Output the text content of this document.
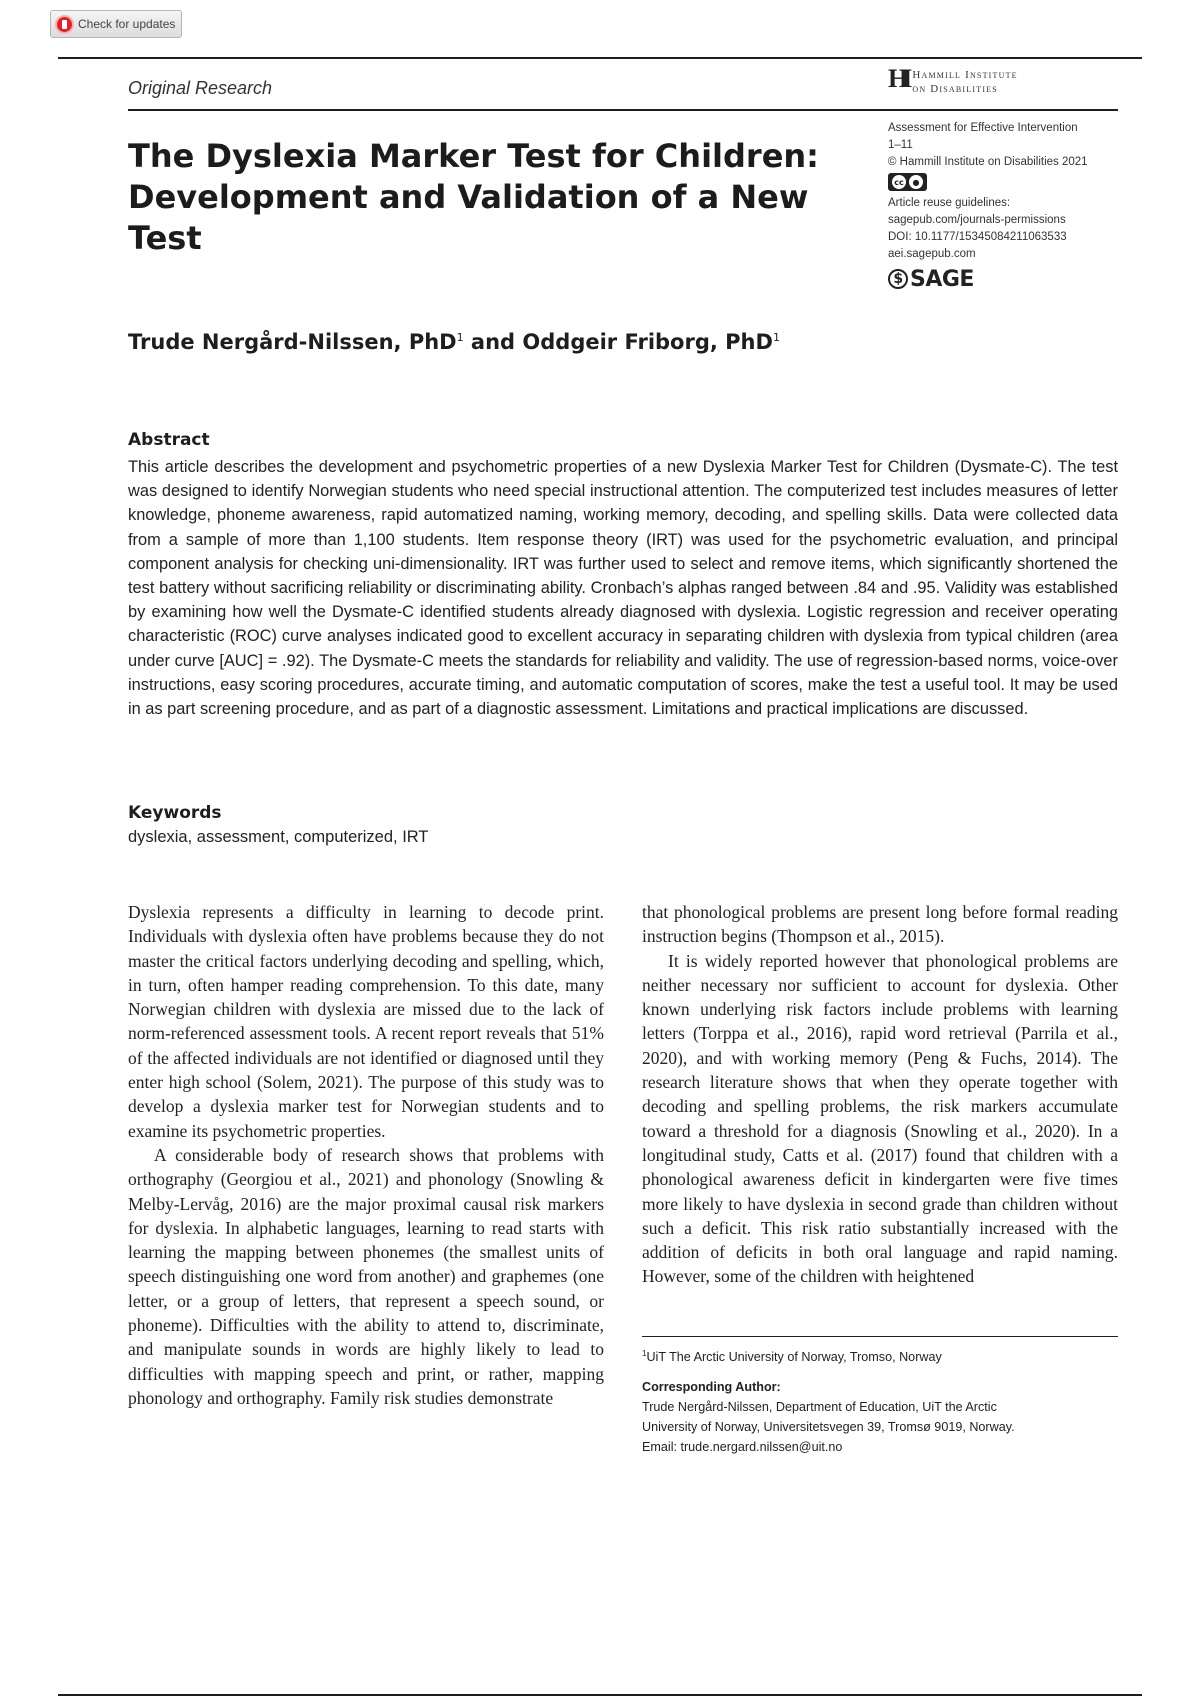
Check for updates
Original Research	HI Hammill Institute
on Disabilities
The Dyslexia Marker Test for Children: Development and Validation of a New Test
Assessment for Effective Intervention
1–11
© Hammill Institute on Disabilities 2021
cc	●
Article reuse guidelines:
sagepub.com/journals-permissions
DOI: 10.1177/15345084211063533
aei.sagepub.com
$ SAGE
Trude Nergård-Nilssen, PhD$^1$ and Oddgeir Friborg, PhD$^1$
Abstract

This article describes the development and psychometric properties of a new Dyslexia Marker Test for Children (Dysmate-C). The test was designed to identify Norwegian students who need special instructional attention. The computerized test includes measures of letter knowledge, phoneme awareness, rapid automatized naming, working memory, decoding, and spelling skills. Data were collected data from a sample of more than 1,100 students. Item response theory (IRT) was used for the psychometric evaluation, and principal component analysis for checking uni-dimensionality. IRT was further used to select and remove items, which significantly shortened the test battery without sacrificing reliability or discriminating ability. Cronbach’s alphas ranged between .84 and .95. Validity was established by examining how well the Dysmate-C identified students already diagnosed with dyslexia. Logistic regression and receiver operating characteristic (ROC) curve analyses indicated good to excellent accuracy in separating children with dyslexia from typical children (area under curve [AUC] = .92). The Dysmate-C meets the standards for reliability and validity. The use of regression-based norms, voice-over instructions, easy scoring procedures, accurate timing, and automatic computation of scores, make the test a useful tool. It may be used in as part screening procedure, and as part of a diagnostic assessment. Limitations and practical implications are discussed.

Keywords
dyslexia, assessment, computerized, IRT

Dyslexia represents a difficulty in learning to decode print. Individuals with dyslexia often have problems because they do not master the critical factors underlying decoding and spelling, which, in turn, often hamper reading comprehension. To this date, many Norwegian children with dyslexia are missed due to the lack of norm-referenced assessment tools. A recent report reveals that 51% of the affected individuals are not identified or diagnosed until they enter high school (Solem, 2021). The purpose of this study was to develop a dyslexia marker test for Norwegian students and to examine its psychometric properties.

A considerable body of research shows that problems with orthography (Georgiou et al., 2021) and phonology (Snowling & Melby-Lervåg, 2016) are the major proximal causal risk markers for dyslexia. In alphabetic languages, learning to read starts with learning the mapping between phonemes (the smallest units of speech distinguishing one word from another) and graphemes (one letter, or a group of letters, that represent a speech sound, or phoneme). Difficulties with the ability to attend to, discriminate, and manipulate sounds in words are highly likely to lead to difficulties with mapping speech and print, or rather, mapping phonology and orthography. Family risk studies demonstrate

that phonological problems are present long before formal reading instruction begins (Thompson et al., 2015).

It is widely reported however that phonological problems are neither necessary nor sufficient to account for dyslexia. Other known underlying risk factors include problems with learning letters (Torppa et al., 2016), rapid word retrieval (Parrila et al., 2020), and with working memory (Peng & Fuchs, 2014). The research literature shows that when they operate together with decoding and spelling problems, the risk markers accumulate toward a threshold for a diagnosis (Snowling et al., 2020). In a longitudinal study, Catts et al. (2017) found that children with a phonological awareness deficit in kindergarten were five times more likely to have dyslexia in second grade than children without such a deficit. This risk ratio substantially increased with the addition of deficits in both oral language and rapid naming. However, some of the children with heightened

$^1$UiT The Arctic University of Norway, Tromso, Norway
Corresponding Author:
Trude Nergård-Nilssen, Department of Education, UiT the Arctic
University of Norway, Universitetsvegen 39, Tromsø 9019, Norway.
Email: trude.nergard.nilssen@uit.no
